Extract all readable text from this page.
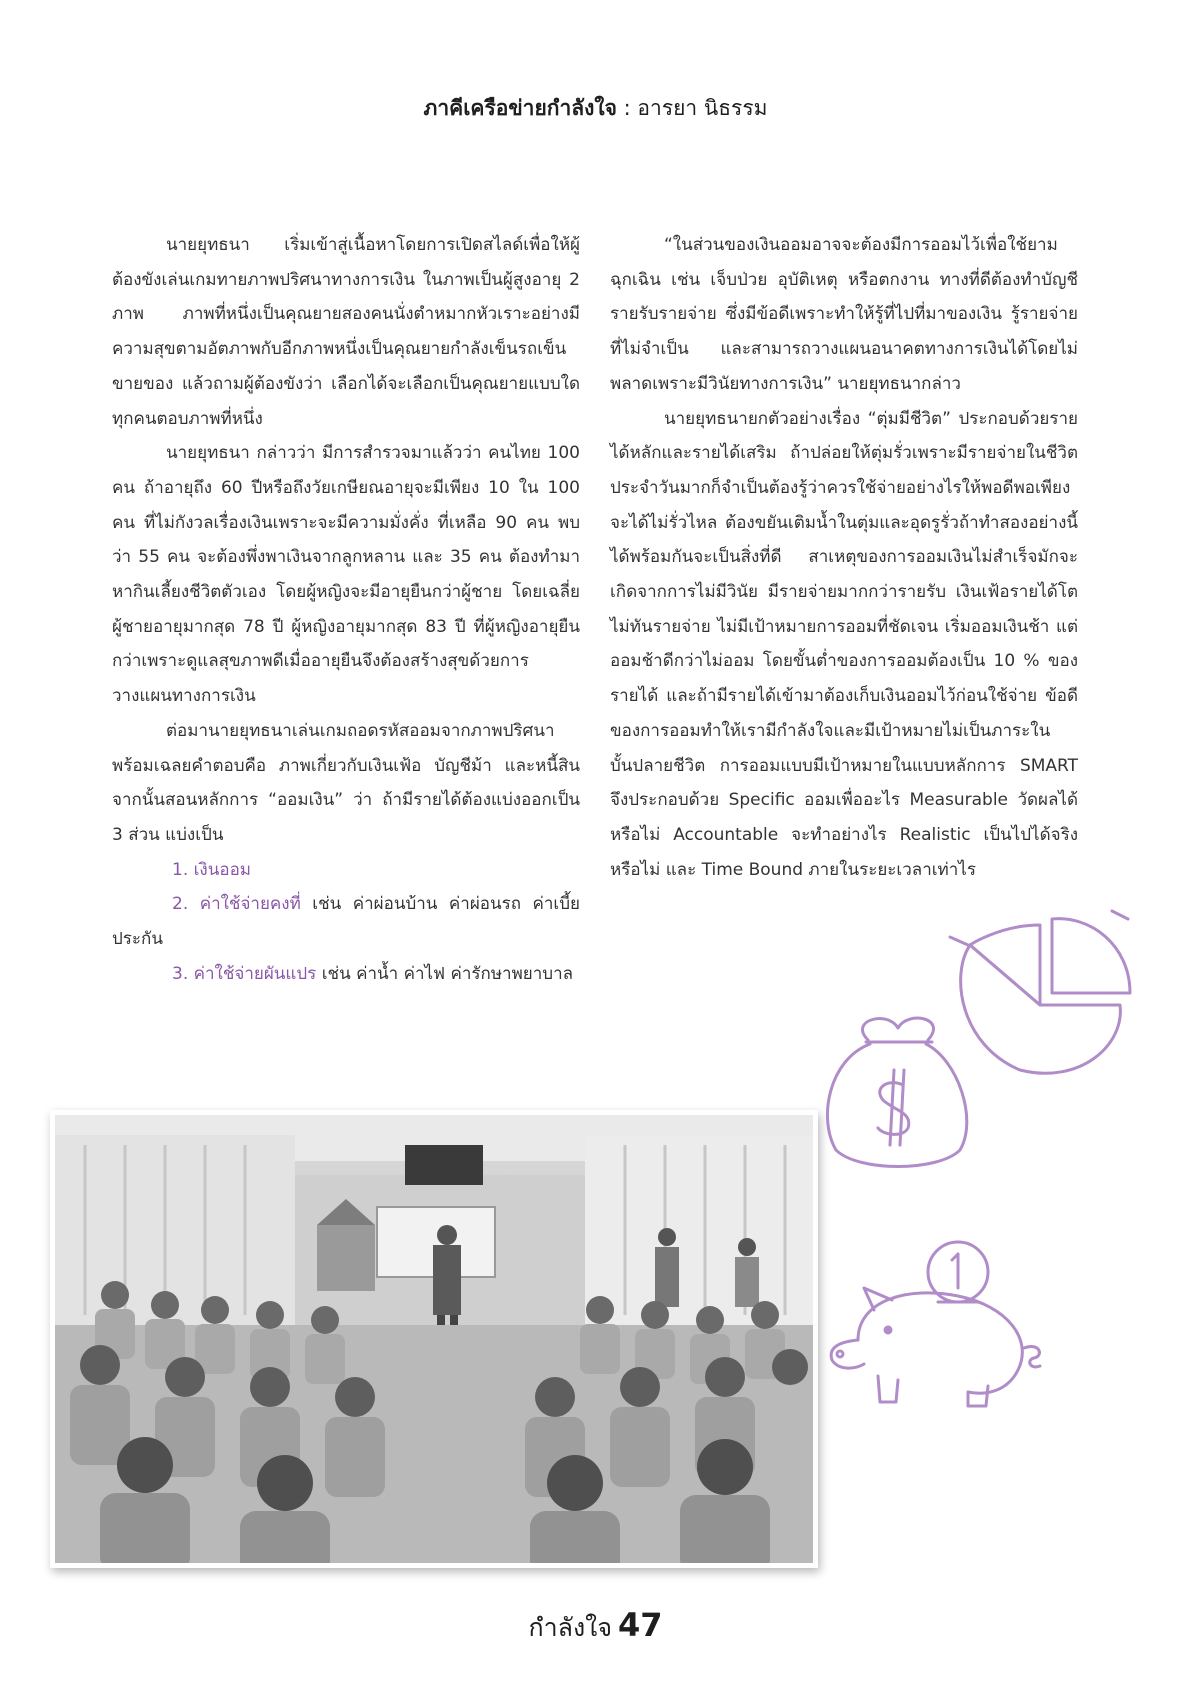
ภาคีเครือข่ายกำลังใจ : อารยา นิธรรม

นายยุทธนา เริ่มเข้าสู่เนื้อหาโดยการเปิดสไลด์เพื่อให้ผู้ต้องขังเล่นเกมทายภาพปริศนาทางการเงิน ในภาพเป็นผู้สูงอายุ 2 ภาพ ภาพที่หนึ่งเป็นคุณยายสองคนนั่งตำหมากหัวเราะอย่างมีความสุขตามอัตภาพกับอีกภาพหนึ่งเป็นคุณยายกำลังเข็นรถเข็นขายของ แล้วถามผู้ต้องขังว่า เลือกได้จะเลือกเป็นคุณยายแบบใด ทุกคนตอบภาพที่หนึ่ง

นายยุทธนา กล่าวว่า มีการสำรวจมาแล้วว่า คนไทย 100 คน ถ้าอายุถึง 60 ปีหรือถึงวัยเกษียณอายุจะมีเพียง 10 ใน 100 คน ที่ไม่กังวลเรื่องเงินเพราะจะมีความมั่งคั่ง ที่เหลือ 90 คน พบว่า 55 คน จะต้องพึ่งพาเงินจากลูกหลาน และ 35 คน ต้องทำมาหากินเลี้ยงชีวิตตัวเอง โดยผู้หญิงจะมีอายุยืนกว่าผู้ชาย โดยเฉลี่ยผู้ชายอายุมากสุด 78 ปี ผู้หญิงอายุมากสุด 83 ปี ที่ผู้หญิงอายุยืนกว่าเพราะดูแลสุขภาพดีเมื่ออายุยืนจึงต้องสร้างสุขด้วยการวางแผนทางการเงิน

ต่อมานายยุทธนาเล่นเกมถอดรหัสออมจากภาพปริศนา พร้อมเฉลยคำตอบคือ ภาพเกี่ยวกับเงินเฟ้อ บัญชีม้า และหนี้สิน จากนั้นสอนหลักการ “ออมเงิน” ว่า ถ้ามีรายได้ต้องแบ่งออกเป็น 3 ส่วน แบ่งเป็น

1. เงินออม

2. ค่าใช้จ่ายคงที่ เช่น ค่าผ่อนบ้าน ค่าผ่อนรถ ค่าเบี้ยประกัน

3. ค่าใช้จ่ายผันแปร เช่น ค่าน้ำ ค่าไฟ ค่ารักษาพยาบาล

“ในส่วนของเงินออมอาจจะต้องมีการออมไว้เพื่อใช้ยามฉุกเฉิน เช่น เจ็บป่วย อุบัติเหตุ หรือตกงาน ทางที่ดีต้องทำบัญชีรายรับรายจ่าย ซึ่งมีข้อดีเพราะทำให้รู้ที่ไปที่มาของเงิน รู้รายจ่ายที่ไม่จำเป็น และสามารถวางแผนอนาคตทางการเงินได้โดยไม่พลาดเพราะมีวินัยทางการเงิน” นายยุทธนากล่าว

นายยุทธนายกตัวอย่างเรื่อง “ตุ่มมีชีวิต” ประกอบด้วยรายได้หลักและรายได้เสริม ถ้าปล่อยให้ตุ่มรั่วเพราะมีรายจ่ายในชีวิตประจำวันมากก็จำเป็นต้องรู้ว่าควรใช้จ่ายอย่างไรให้พอดีพอเพียงจะได้ไม่รั่วไหล ต้องขยันเติมน้ำในตุ่มและอุดรูรั่วถ้าทำสองอย่างนี้ได้พร้อมกันจะเป็นสิ่งที่ดี สาเหตุของการออมเงินไม่สำเร็จมักจะเกิดจากการไม่มีวินัย มีรายจ่ายมากกว่ารายรับ เงินเฟ้อรายได้โตไม่ทันรายจ่าย ไม่มีเป้าหมายการออมที่ชัดเจน เริ่มออมเงินช้า แต่ออมช้าดีกว่าไม่ออม โดยขั้นต่ำของการออมต้องเป็น 10 % ของรายได้ และถ้ามีรายได้เข้ามาต้องเก็บเงินออมไว้ก่อนใช้จ่าย ข้อดีของการออมทำให้เรามีกำลังใจและมีเป้าหมายไม่เป็นภาระในบั้นปลายชีวิต การออมแบบมีเป้าหมายในแบบหลักการ SMART จึงประกอบด้วย Specific ออมเพื่ออะไร Measurable วัดผลได้หรือไม่ Accountable จะทำอย่างไร Realistic เป็นไปได้จริงหรือไม่ และ Time Bound ภายในระยะเวลาเท่าไร

กำลังใจ 47
